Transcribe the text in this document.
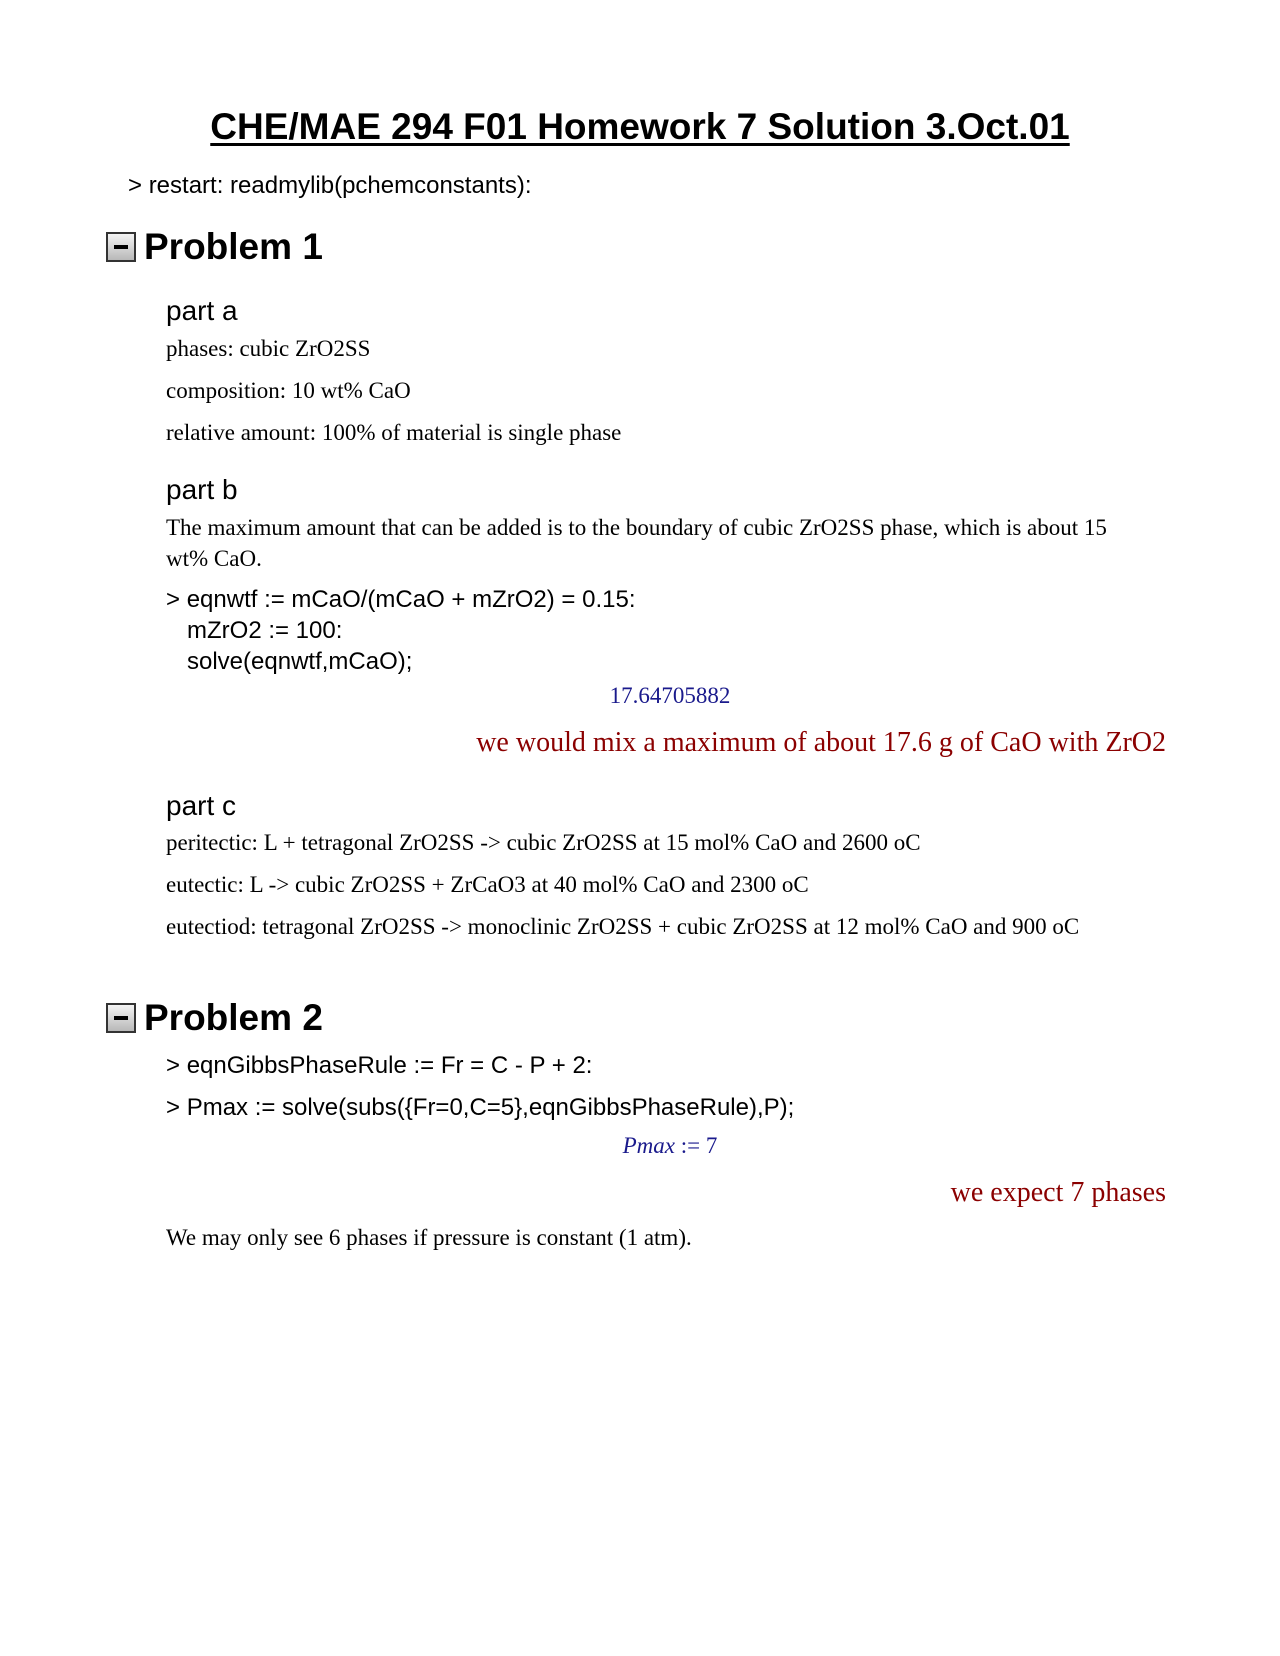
CHE/MAE 294 F01 Homework 7 Solution 3.Oct.01
> restart: readmylib(pchemconstants):
Problem 1
part a
phases: cubic ZrO2SS
composition: 10 wt% CaO
relative amount: 100% of material is single phase
part b
The maximum amount that can be added is to the boundary of cubic ZrO2SS phase, which is about 15 wt% CaO.
> eqnwtf := mCaO/(mCaO + mZrO2) = 0.15:
mZrO2 := 100:
solve(eqnwtf,mCaO);
17.64705882
we would mix a maximum of about 17.6 g of CaO with ZrO2
part c
peritectic: L + tetragonal ZrO2SS -> cubic ZrO2SS at 15 mol% CaO and 2600 oC
eutectic: L -> cubic ZrO2SS + ZrCaO3 at 40 mol% CaO and 2300 oC
eutectiod: tetragonal ZrO2SS -> monoclinic ZrO2SS + cubic ZrO2SS at 12 mol% CaO and 900 oC
Problem 2
> eqnGibbsPhaseRule := Fr = C - P + 2:
> Pmax := solve(subs({Fr=0,C=5},eqnGibbsPhaseRule),P);
Pmax := 7
we expect 7 phases
We may only see 6 phases if pressure is constant (1 atm).
